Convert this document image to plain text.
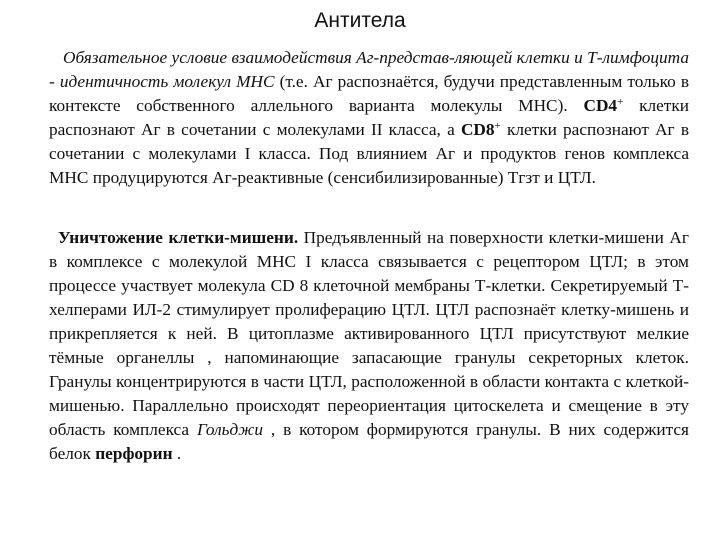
Антитела
Обязательное условие взаимодействия Аг-представ-ляющей клетки и Т-лимфоцита - идентичность молекул МНС (т.е. Аг распознаётся, будучи представленным только в контексте собственного аллельного варианта молекулы МНС). CD4+ клетки распознают Аг в сочетании с молекулами II класса, а CD8+ клетки распознают Аг в сочетании с молекулами I класса. Под влиянием Аг и продуктов генов комплекса МНС продуцируются Аг-реактивные (сенсибилизированные) Тгзт и ЦТЛ.
Уничтожение клетки-мишени. Предъявленный на поверхности клетки-мишени Аг в комплексе с молекулой МНС I класса связывается с рецептором ЦТЛ; в этом процессе участвует молекула CD 8 клеточной мембраны Т-клетки. Секретируемый Т-хелперами ИЛ-2 стимулирует пролиферацию ЦТЛ. ЦТЛ распознаёт клетку-мишень и прикрепляется к ней. В цитоплазме активированного ЦТЛ присутствуют мелкие тёмные органеллы , напоминающие запасающие гранулы секреторных клеток. Гранулы концентрируются в части ЦТЛ, расположенной в области контакта с клеткой-мишенью. Параллельно происходят переориентация цитоскелета и смещение в эту область комплекса Гольджи , в котором формируются гранулы. В них содержится белок перфорин .
